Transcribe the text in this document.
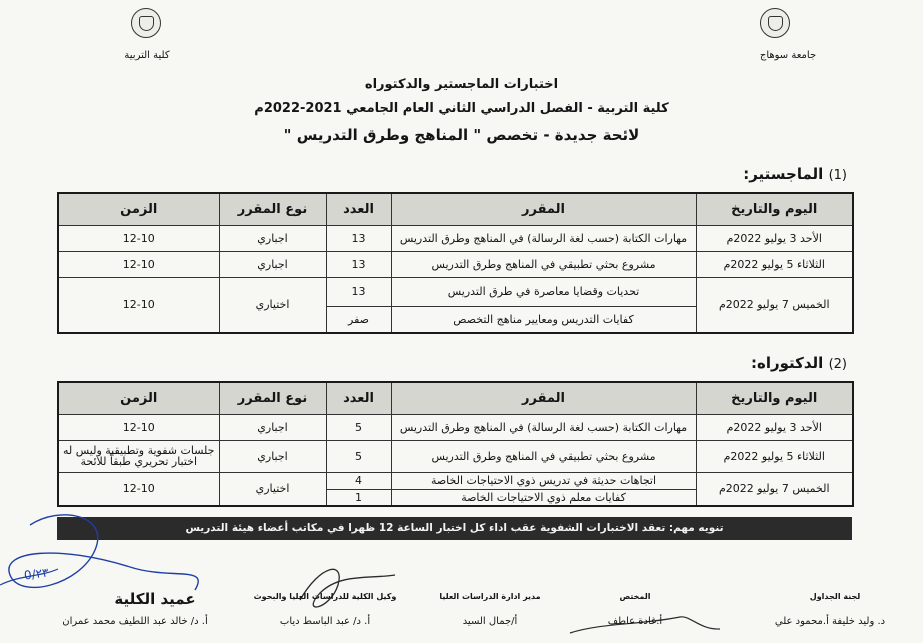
جامعة سوهاج
كلية التربية
اختبارات الماجستير والدكتوراه
كلية التربية - الفصل الدراسي الثاني العام الجامعي 2021-2022م
لائحة جديدة - تخصص " المناهج وطرق التدريس "
(1) الماجستير:
اليوم والتاريخ	المقرر	العدد	نوع المقرر	الزمن
الأحد 3 يوليو 2022م	مهارات الكتابة (حسب لغة الرسالة) في المناهج وطرق التدريس	13	اجباري	12-10
الثلاثاء 5 يوليو 2022م	مشروع بحثي تطبيقي في المناهج وطرق التدريس	13	اجباري	12-10
الخميس 7 يوليو 2022م	تحديات وقضايا معاصرة في طرق التدريس	13	اختياري	12-10
	كفايات التدريس ومعايير مناهج التخصص	صفر		
(2) الدكتوراه:
اليوم والتاريخ	المقرر	العدد	نوع المقرر	الزمن
الأحد 3 يوليو 2022م	مهارات الكتابة (حسب لغة الرسالة) في المناهج وطرق التدريس	5	اجباري	12-10
الثلاثاء 5 يوليو 2022م	مشروع بحثي تطبيقي في المناهج وطرق التدريس	5	اجباري	جلسات شفوية وتطبيقية وليس له اختبار تحريري طبقاً للائحة
الخميس 7 يوليو 2022م	اتجاهات حديثة في تدريس ذوي الاحتياجات الخاصة	4	اختياري	12-10
	كفايات معلم ذوي الاحتياجات الخاصة	1		
تنويه مهم: تعقد الاختبارات الشفوية عقب اداء كل اختبار الساعة 12 ظهرا في مكاتب أعضاء هيئة التدريس
0/٢٣
لجنة الجداول
د. وليد خليفة أ.محمود علي
المختص
أ.غادة عاطف
مدير ادارة الدراسات العليا
أ/جمال السيد
وكيل الكلية للدراسات العليا والبحوث
أ. د/ عبد الباسط دياب
عميد الكلية
أ. د/ خالد عبد اللطيف محمد عمران
